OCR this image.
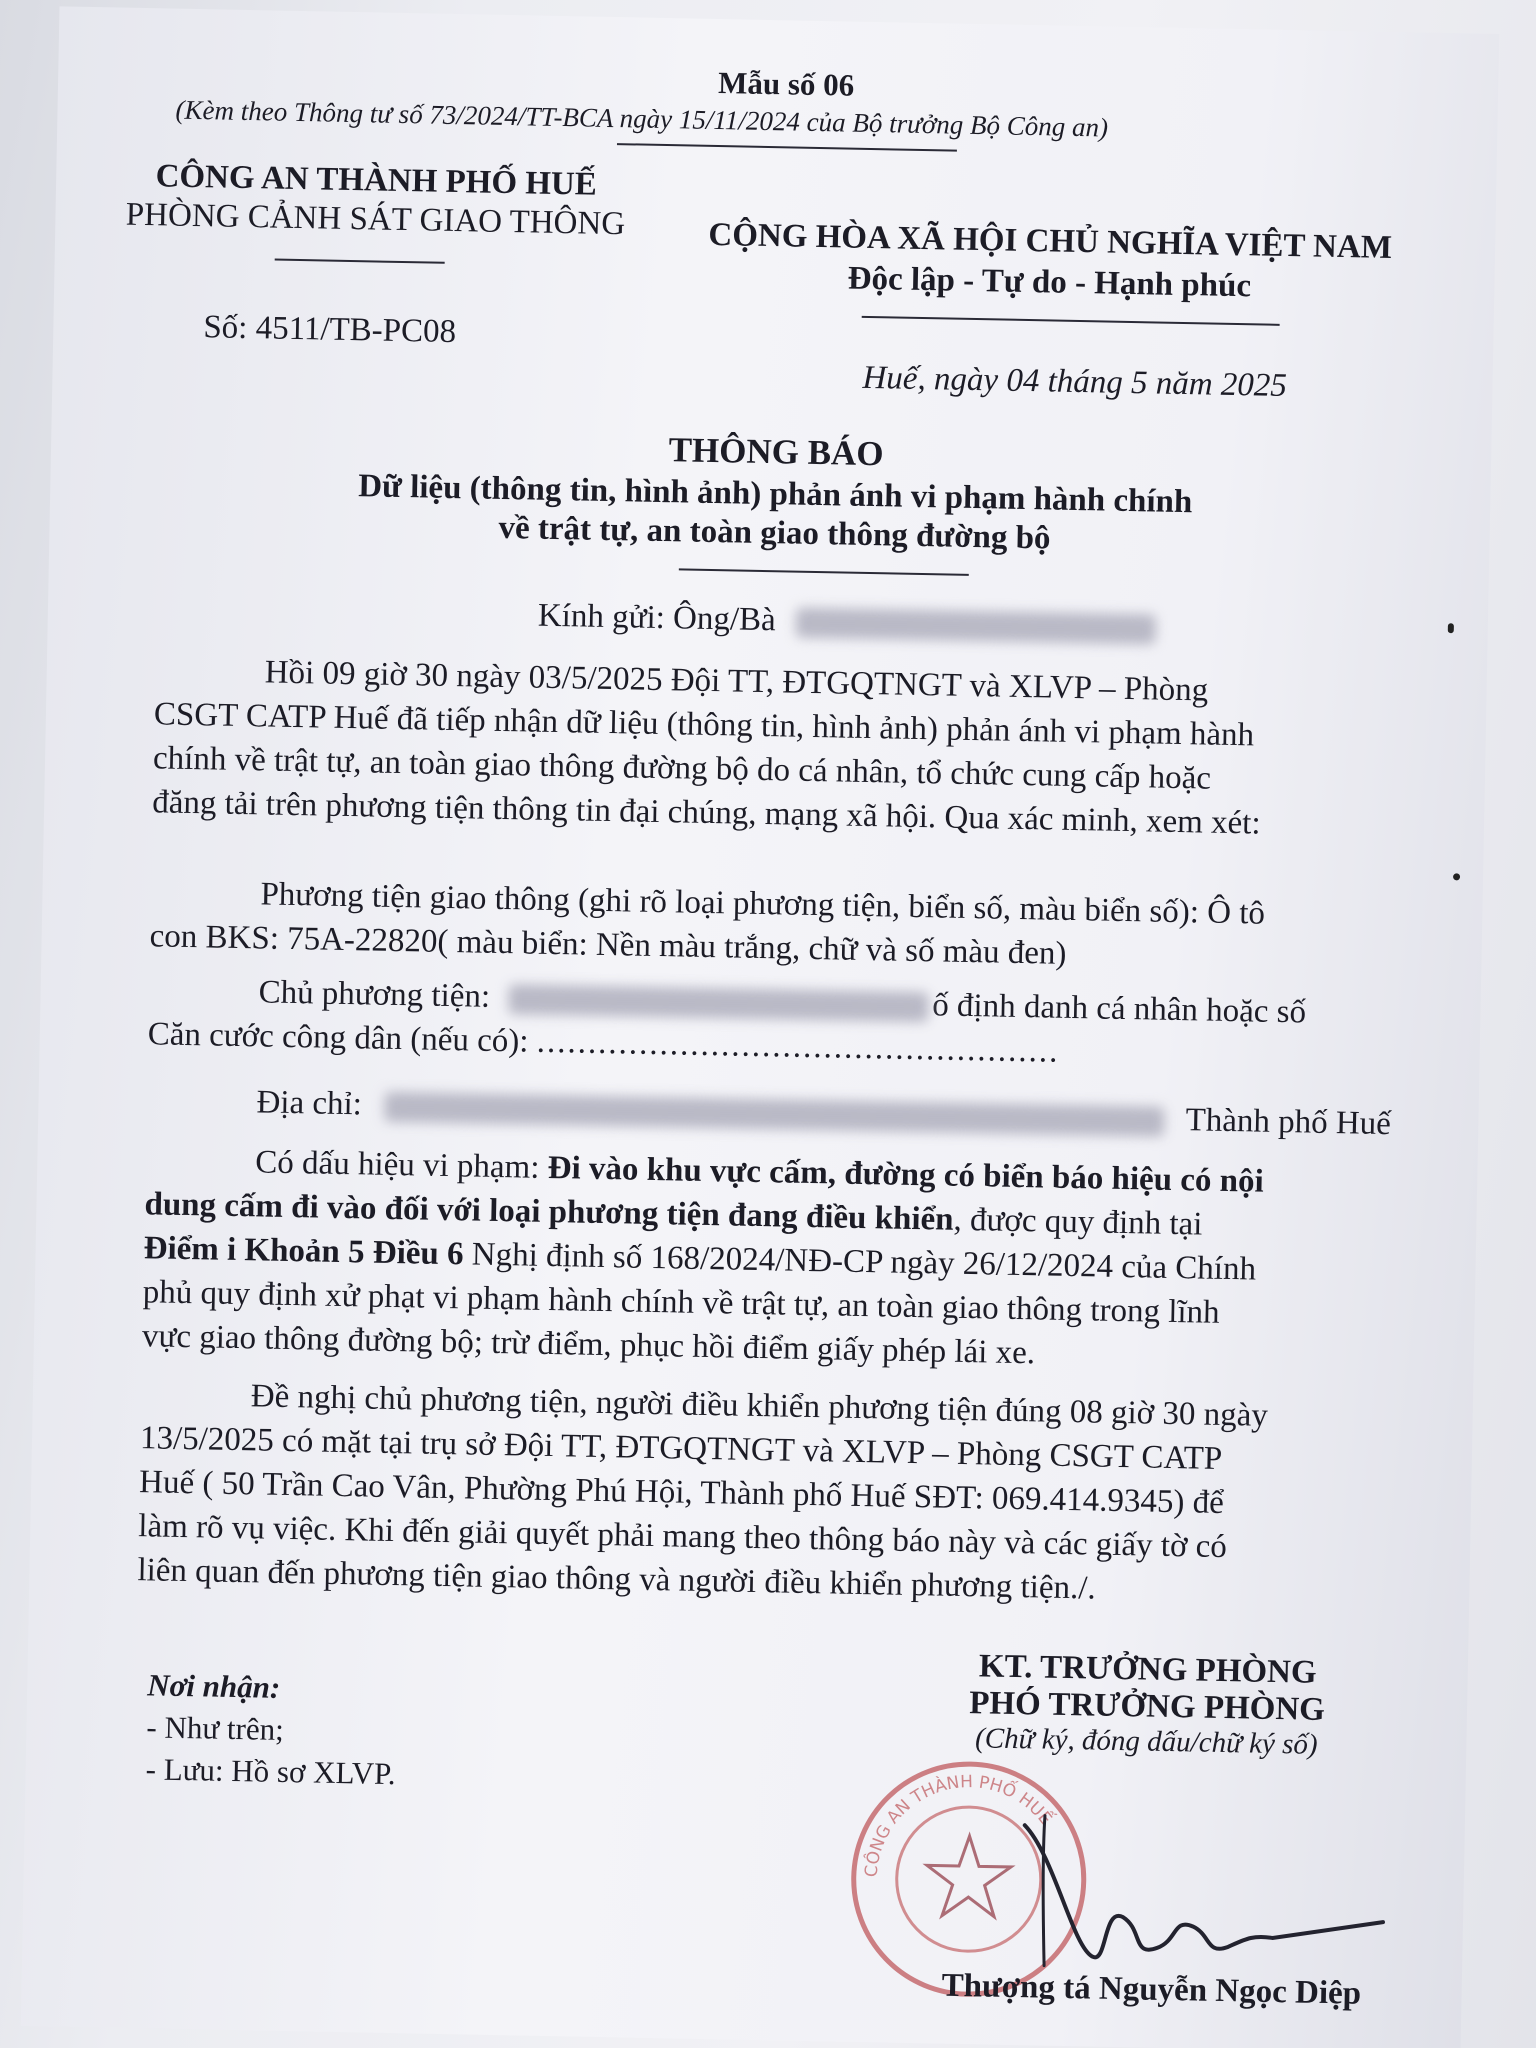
Mẫu số 06
(Kèm theo Thông tư số 73/2024/TT-BCA ngày 15/11/2024 của Bộ trưởng Bộ Công an)
CÔNG AN THÀNH PHỐ HUẾ
PHÒNG CẢNH SÁT GIAO THÔNG
Số: 4511/TB-PC08
CỘNG HÒA XÃ HỘI CHỦ NGHĨA VIỆT NAM
Độc lập - Tự do - Hạnh phúc
Huế, ngày 04 tháng 5 năm 2025
THÔNG BÁO
Dữ liệu (thông tin, hình ảnh) phản ánh vi phạm hành chính
về trật tự, an toàn giao thông đường bộ
Kính gửi: Ông/Bà
Hồi 09 giờ 30 ngày 03/5/2025 Đội TT, ĐTGQTNGT và XLVP – Phòng
CSGT CATP Huế đã tiếp nhận dữ liệu (thông tin, hình ảnh) phản ánh vi phạm hành
chính về trật tự, an toàn giao thông đường bộ do cá nhân, tổ chức cung cấp hoặc
đăng tải trên phương tiện thông tin đại chúng, mạng xã hội. Qua xác minh, xem xét:
Phương tiện giao thông (ghi rõ loại phương tiện, biển số, màu biển số): Ô tô
con BKS: 75A-22820( màu biển: Nền màu trắng, chữ và số màu đen)
Chủ phương tiện:	ố định danh cá nhân hoặc số
Căn cước công dân (nếu có): ...................................................
Địa chỉ:	Thành phố Huế
Có dấu hiệu vi phạm: Đi vào khu vực cấm, đường có biển báo hiệu có nội
dung cấm đi vào đối với loại phương tiện đang điều khiển, được quy định tại
Điểm i Khoản 5 Điều 6 Nghị định số 168/2024/NĐ-CP ngày 26/12/2024 của Chính
phủ quy định xử phạt vi phạm hành chính về trật tự, an toàn giao thông trong lĩnh
vực giao thông đường bộ; trừ điểm, phục hồi điểm giấy phép lái xe.
Đề nghị chủ phương tiện, người điều khiển phương tiện đúng 08 giờ 30 ngày
13/5/2025 có mặt tại trụ sở Đội TT, ĐTGQTNGT và XLVP – Phòng CSGT CATP
Huế ( 50 Trần Cao Vân, Phường Phú Hội, Thành phố Huế SĐT: 069.414.9345) để
làm rõ vụ việc. Khi đến giải quyết phải mang theo thông báo này và các giấy tờ có
liên quan đến phương tiện giao thông và người điều khiển phương tiện./.
Nơi nhận:
- Như trên;
- Lưu: Hồ sơ XLVP.
KT. TRƯỞNG PHÒNG
PHÓ TRƯỞNG PHÒNG
(Chữ ký, đóng dấu/chữ ký số)
CÔNG AN THÀNH PHỐ HUẾ
Thượng tá Nguyễn Ngọc Diệp
